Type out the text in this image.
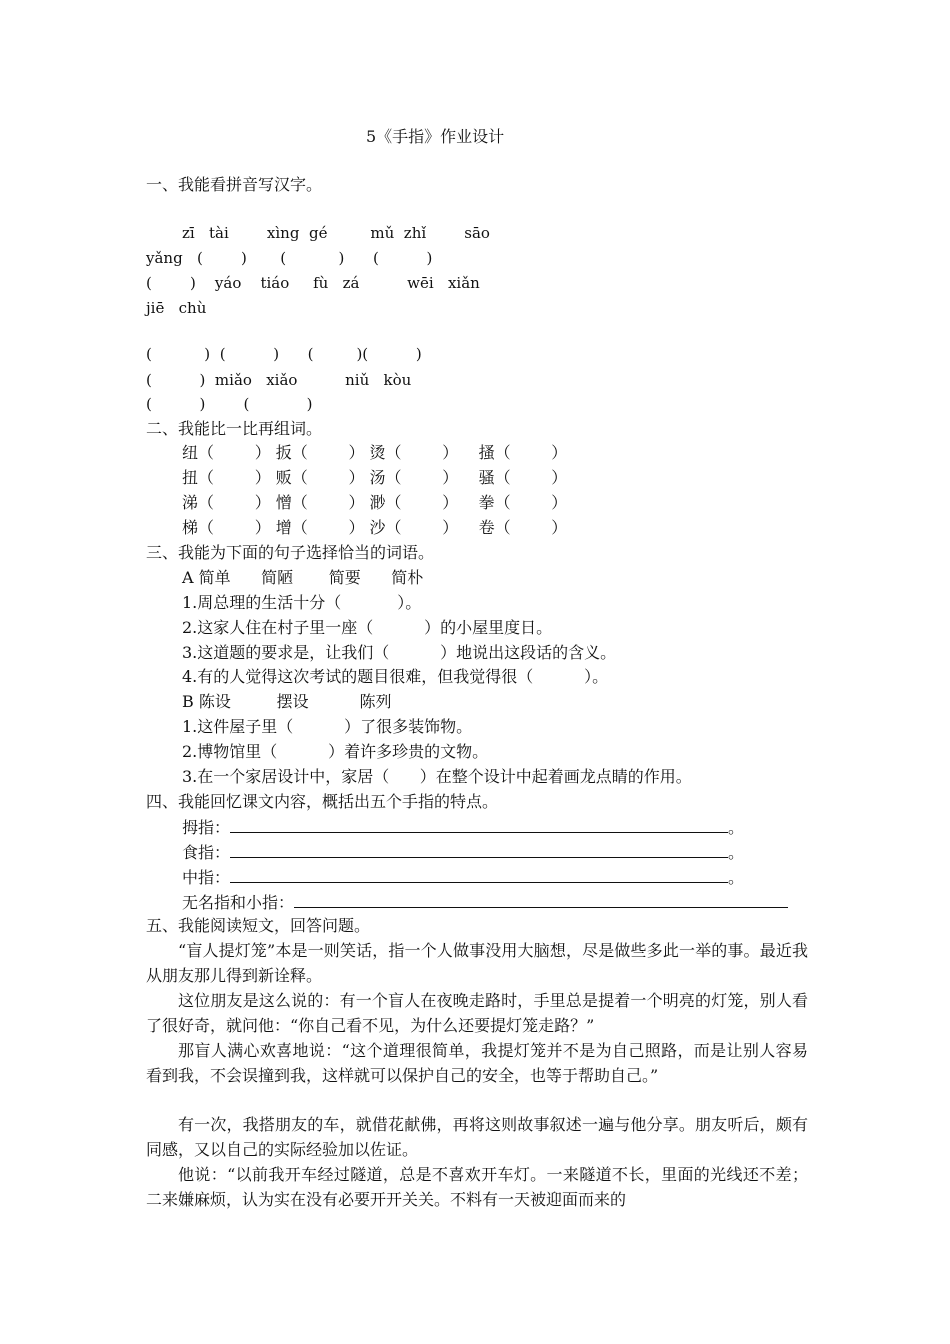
5《手指》作业设计
一、我能看拼音写汉字。
zī   tài        xìng  gé         mǔ  zhǐ        sāo
yǎng   (        )       (           )      (          )
(        )    yáo    tiáo     fù   zá          wēi   xiǎn
jiē   chù
(           )  (          )      (         )(          )
(          )  miǎo   xiǎo          niǔ   kòu
(          )        (            )
二、我能比一比再组词。
纽（        ） 扳（        ） 烫（        ）    搔（        ）
扭（        ） 贩（        ） 汤（        ）    骚（        ）
涕（        ） 憎（        ） 渺（        ）    拳（        ）
梯（        ） 增（        ） 沙（        ）    卷（        ）
三、我能为下面的句子选择恰当的词语。
A 简单      简陋       简要      简朴
1.周总理的生活十分（           ）。
2.这家人住在村子里一座（          ）的小屋里度日。
3.这道题的要求是，让我们（          ）地说出这段话的含义。
4.有的人觉得这次考试的题目很难，但我觉得很（          ）。
B 陈设         摆设          陈列
1.这件屋子里（          ）了很多装饰物。
2.博物馆里（          ）着许多珍贵的文物。
3.在一个家居设计中，家居（      ）在整个设计中起着画龙点睛的作用。
四、我能回忆课文内容，概括出五个手指的特点。
拇指：	。
食指：	。
中指：	。
无名指和小指：
五、我能阅读短文，回答问题。
“盲人提灯笼”本是一则笑话，指一个人做事没用大脑想，尽是做些多此一举的事。最近我从朋友那儿得到新诠释。
这位朋友是这么说的：有一个盲人在夜晚走路时，手里总是提着一个明亮的灯笼，别人看了很好奇，就问他：“你自己看不见，为什么还要提灯笼走路？”
那盲人满心欢喜地说：“这个道理很简单，我提灯笼并不是为自己照路，而是让别人容易看到我，不会误撞到我，这样就可以保护自己的安全，也等于帮助自己。”
有一次，我搭朋友的车，就借花献佛，再将这则故事叙述一遍与他分享。朋友听后，颇有同感，又以自己的实际经验加以佐证。
他说：“以前我开车经过隧道，总是不喜欢开车灯。一来隧道不长，里面的光线还不差；二来嫌麻烦，认为实在没有必要开开关关。不料有一天被迎面而来的
